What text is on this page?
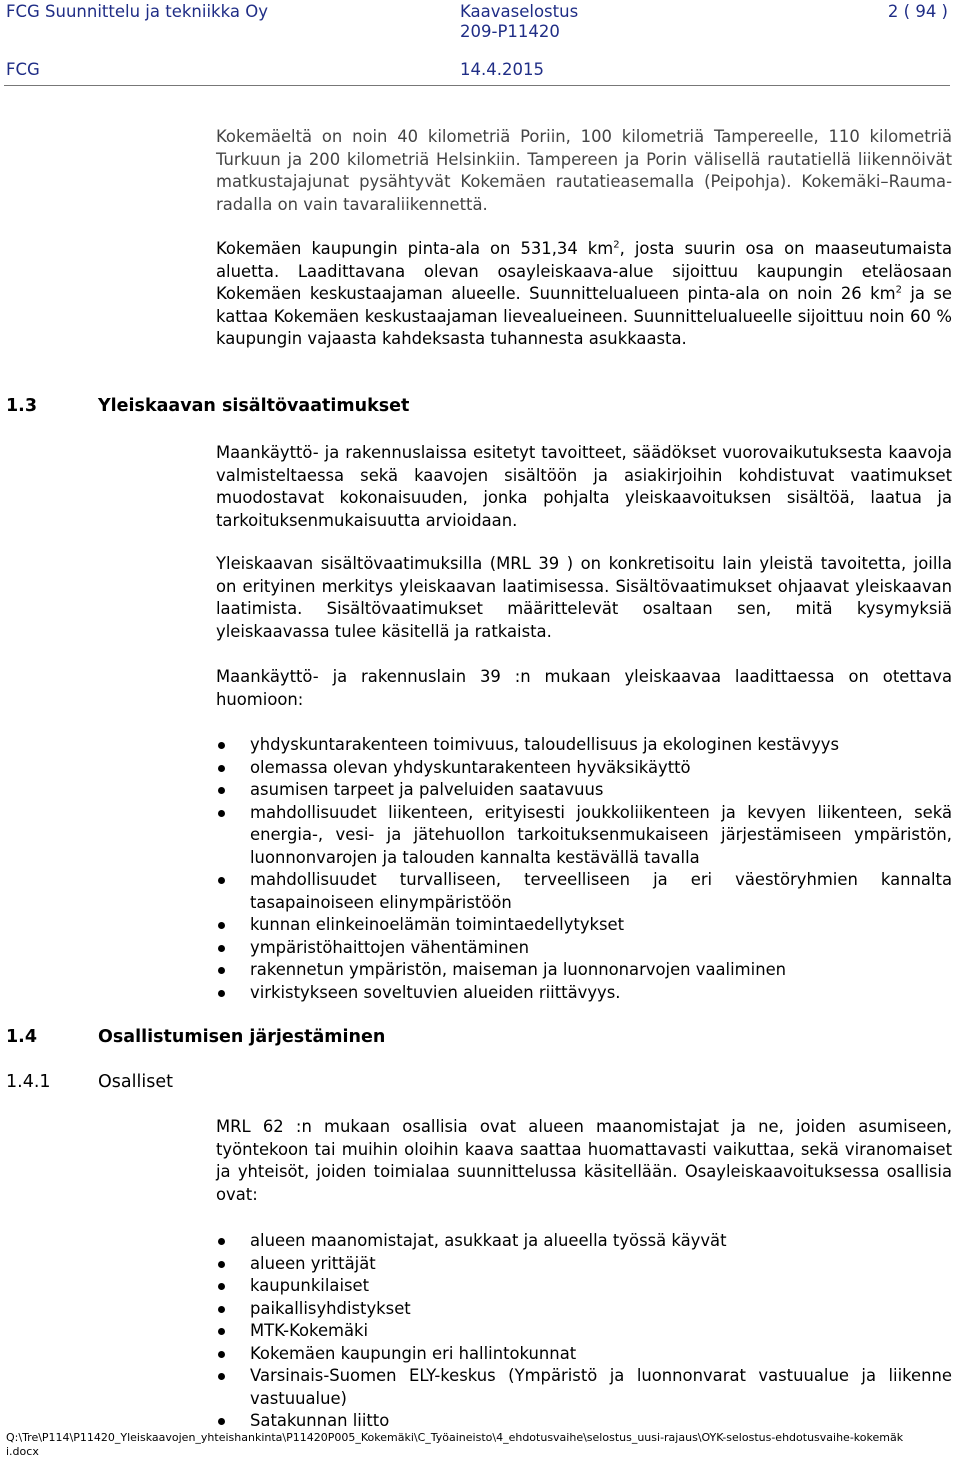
FCG Suunnittelu ja tekniikka Oy	Kaavaselostus	2 ( 94 )
209-P11420
FCG	14.4.2015

Kokemäeltä on noin 40 kilometriä Poriin, 100 kilometriä Tampereelle, 110 kilometriä Turkuun ja 200 kilometriä Helsinkiin. Tampereen ja Porin välisellä rautatiellä liikennöivät matkustajajunat pysähtyvät Kokemäen rautatieasemalla (Peipohja). Kokemäki–Rauma-radalla on vain tavaraliikennettä.

Kokemäen kaupungin pinta-ala on 531,34 $km^2$, josta suurin osa on maaseutumaista aluetta. Laadittavana olevan osayleiskaava-alue sijoittuu kaupungin eteläosaan Kokemäen keskustaajaman alueelle. Suunnittelualueen pinta-ala on noin 26 $km^2$ ja se kattaa Kokemäen keskustaajaman lievealueineen. Suunnittelualueelle sijoittuu noin 60 % kaupungin vajaasta kahdeksasta tuhannesta asukkaasta.

1.3	Yleiskaavan sisältövaatimukset

Maankäyttö- ja rakennuslaissa esitetyt tavoitteet, säädökset vuorovaikutuksesta kaavoja valmisteltaessa sekä kaavojen sisältöön ja asiakirjoihin kohdistuvat vaatimukset muodostavat kokonaisuuden, jonka pohjalta yleiskaavoituksen sisältöä, laatua ja tarkoituksenmukaisuutta arvioidaan.

Yleiskaavan sisältövaatimuksilla (MRL 39 ) on konkretisoitu lain yleistä tavoitetta, joilla on erityinen merkitys yleiskaavan laatimisessa. Sisältövaatimukset ohjaavat yleiskaavan laatimista. Sisältövaatimukset määrittelevät osaltaan sen, mitä kysymyksiä yleiskaavassa tulee käsitellä ja ratkaista.

Maankäyttö- ja rakennuslain 39 :n mukaan yleiskaavaa laadittaessa on otettava huomioon:

yhdyskuntarakenteen toimivuus, taloudellisuus ja ekologinen kestävyys
olemassa olevan yhdyskuntarakenteen hyväksikäyttö
asumisen tarpeet ja palveluiden saatavuus
mahdollisuudet liikenteen, erityisesti joukkoliikenteen ja kevyen liikenteen, sekä energia-, vesi- ja jätehuollon tarkoituksenmukaiseen järjestämiseen ympäristön, luonnonvarojen ja talouden kannalta kestävällä tavalla
mahdollisuudet turvalliseen, terveelliseen ja eri väestöryhmien kannalta tasapainoiseen elinympäristöön
kunnan elinkeinoelämän toimintaedellytykset
ympäristöhaittojen vähentäminen
rakennetun ympäristön, maiseman ja luonnonarvojen vaaliminen
virkistykseen soveltuvien alueiden riittävyys.
1.4	Osallistumisen järjestäminen
1.4.1	Osalliset

MRL 62 :n mukaan osallisia ovat alueen maanomistajat ja ne, joiden asumiseen, työntekoon tai muihin oloihin kaava saattaa huomattavasti vaikuttaa, sekä viranomaiset ja yhteisöt, joiden toimialaa suunnittelussa käsitellään. Osayleiskaavoituksessa osallisia ovat:

alueen maanomistajat, asukkaat ja alueella työssä käyvät
alueen yrittäjät
kaupunkilaiset
paikallisyhdistykset
MTK-Kokemäki
Kokemäen kaupungin eri hallintokunnat
Varsinais-Suomen ELY-keskus (Ympäristö ja luonnonvarat vastuualue ja liikenne vastuualue)
Satakunnan liitto
Q:\Tre\P114\P11420_Yleiskaavojen_yhteishankinta\P11420P005_Kokemäki\C_Työaineisto\4_ehdotusvaihe\selostus_uusi-rajaus\OYK-selostus-ehdotusvaihe-kokemäki.docx
